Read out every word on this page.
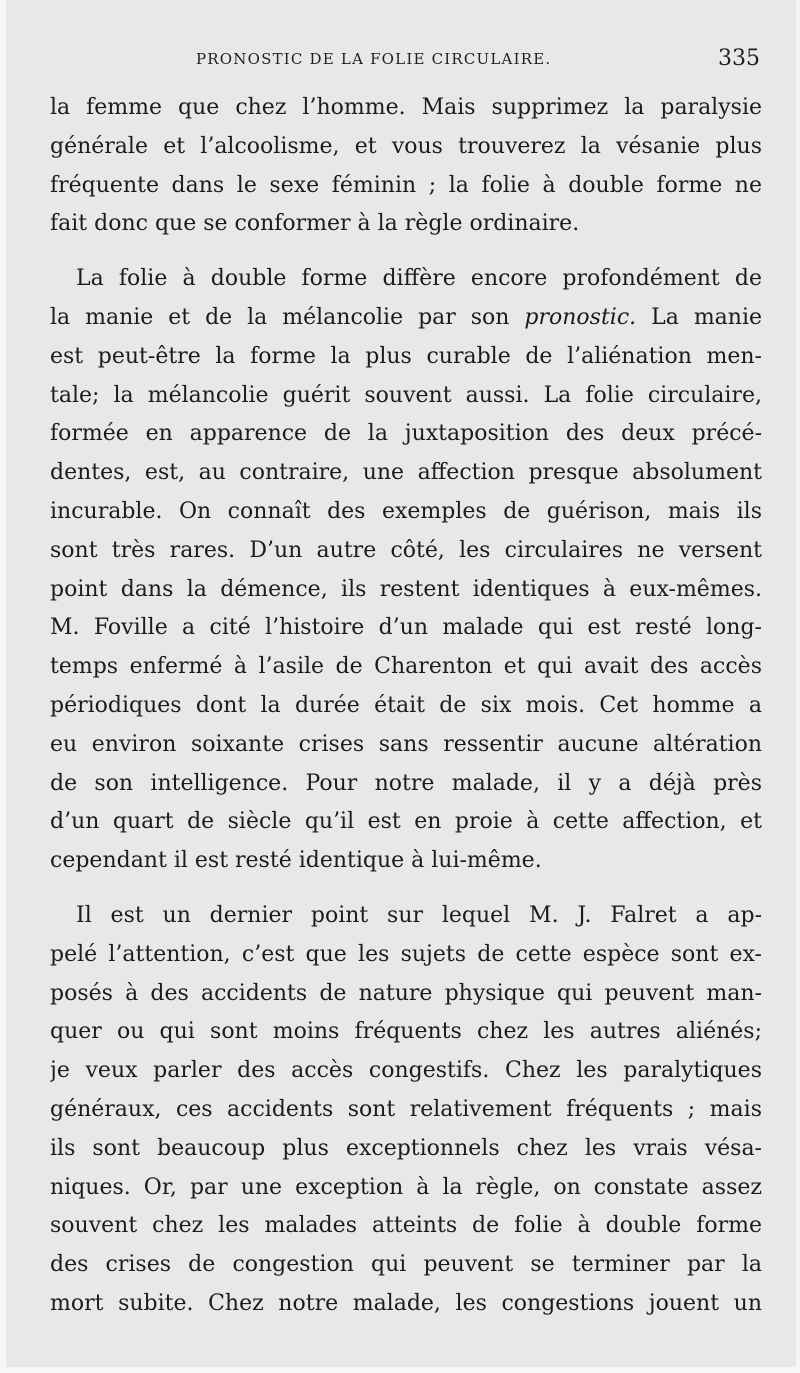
PRONOSTIC DE LA FOLIE CIRCULAIRE.	335
la femme que chez l’homme. Mais supprimez la paralysie
générale et l’alcoolisme, et vous trouverez la vésanie plus
fréquente dans le sexe féminin ; la folie à double forme ne
fait donc que se conformer à la règle ordinaire.
La folie à double forme diffère encore profondément de
la manie et de la mélancolie par son pronostic. La manie
est peut-être la forme la plus curable de l’aliénation men-
tale; la mélancolie guérit souvent aussi. La folie circulaire,
formée en apparence de la juxtaposition des deux précé-
dentes, est, au contraire, une affection presque absolument
incurable. On connaît des exemples de guérison, mais ils
sont très rares. D’un autre côté, les circulaires ne versent
point dans la démence, ils restent identiques à eux-mêmes.
M. Foville a cité l’histoire d’un malade qui est resté long-
temps enfermé à l’asile de Charenton et qui avait des accès
périodiques dont la durée était de six mois. Cet homme a
eu environ soixante crises sans ressentir aucune altération
de son intelligence. Pour notre malade, il y a déjà près
d’un quart de siècle qu’il est en proie à cette affection, et
cependant il est resté identique à lui-même.
Il est un dernier point sur lequel M. J. Falret a ap-
pelé l’attention, c’est que les sujets de cette espèce sont ex-
posés à des accidents de nature physique qui peuvent man-
quer ou qui sont moins fréquents chez les autres aliénés;
je veux parler des accès congestifs. Chez les paralytiques
généraux, ces accidents sont relativement fréquents ; mais
ils sont beaucoup plus exceptionnels chez les vrais vésa-
niques. Or, par une exception à la règle, on constate assez
souvent chez les malades atteints de folie à double forme
des crises de congestion qui peuvent se terminer par la
mort subite. Chez notre malade, les congestions jouent un
